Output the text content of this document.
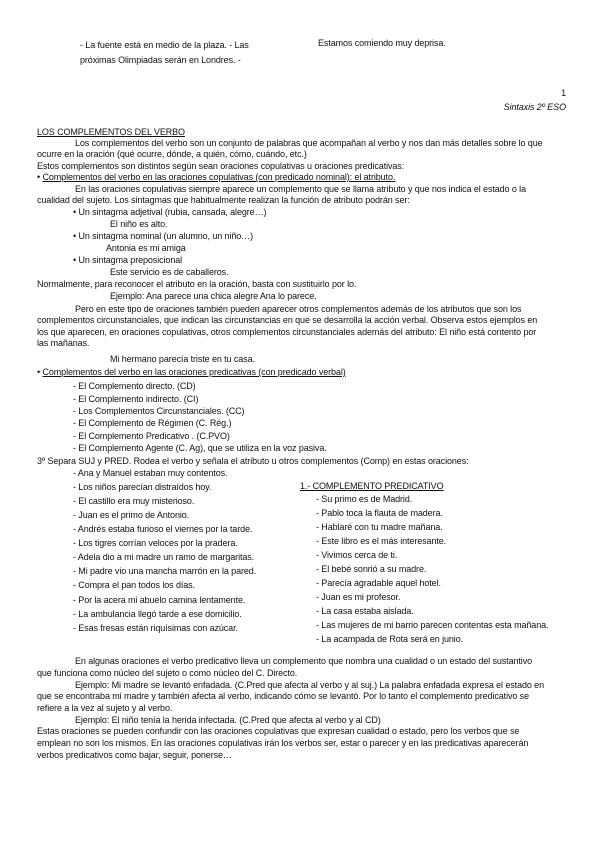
- La fuente está en medio de la plaza. - Las
próximas Olimpiadas serán en Londres. -
Estamos comiendo muy deprisa.
1
Sintaxis 2º ESO
LOS COMPLEMENTOS DEL VERBO
Los complementos del verbo son un conjunto de palabras que acompañan al verbo y nos dan más detalles sobre lo que
ocurre en la oración (qué ocurre, dónde, a quién, cómo, cuándo, etc.)
Estos complementos son distintos según sean oraciones copulativas u oraciones predicativas:
• Complementos del verbo en las oraciones copulativas (con predicado nominal): el atributo.
En las oraciones copulativas siempre aparece un complemento que se llama atributo y que nos indica el estado o la
cualidad del sujeto. Los sintagmas que habitualmente realizan la función de atributo podrán ser:
• Un sintagma adjetival (rubia, cansada, alegre…)
El niño es alto.
• Un sintagma nominal (un alumno, un niño…)
Antonia es mi amiga
• Un sintagma preposicional
Este servicio es de caballeros.
Normalmente, para reconocer el atributo en la oración, basta con sustituirlo por lo.
Ejemplo: Ana parece una chica alegre Ana lo parece.
Pero en este tipo de oraciones también pueden aparecer otros complementos además de los atributos que son los
complementos circunstanciales, que indican las circunstancias en que se desarrolla la acción verbal. Observa estos ejemplos en
los que aparecen, en oraciones copulativas, otros complementos circunstanciales además del atributo: El niño está contento por
las mañanas.
Mi hermano parecía triste en tu casa.
• Complementos del verbo en las oraciones predicativas (con predicado verbal)
- El Complemento directo. (CD)
- El Complemento indirecto. (CI)
- Los Complementos Circunstanciales. (CC)
- El Complemento de Régimen (C. Rég.)
- El Complemento Predicativo . (C.PVO)
- El Complemento Agente (C. Ag), que se utiliza en la voz pasiva.
3º Separa SUJ y PRED. Rodea el verbo y señala el atributo u otros complementos (Comp) en estas oraciones:
- Ana y Manuel estaban muy contentos.
- Los niños parecían distraídos hoy.
- El castillo era muy misterioso.
- Juan es el primo de Antonio.
- Andrés estaba furioso el viernes por la tarde.
- Los tigres corrían veloces por la pradera.
- Adela dio a mi madre un ramo de margaritas.
- Mi padre vio una mancha marrón en la pared.
- Compra el pan todos los días.
- Por la acera mi abuelo camina lentamente.
- La ambulancia llegó tarde a ese domicilio.
- Esas fresas están riquísimas con azúcar.
1.- COMPLEMENTO PREDICATIVO
- Su primo es de Madrid.
- Pablo toca la flauta de madera.
- Hablaré con tu madre mañana.
- Este libro es el más interesante.
- Vivimos cerca de ti.
- El bebé sonrió a su madre.
- Parecía agradable aquel hotel.
- Juan es mi profesor.
- La casa estaba aislada.
- Las mujeres de mi barrio parecen contentas esta mañana.
- La acampada de Rota será en junio.
En algunas oraciones el verbo predicativo lleva un complemento que nombra una cualidad o un estado del sustantivo
que funciona como núcleo del sujeto o como núcleo del C. Directo.
Ejemplo: Mi madre se levantó enfadada. (C.Pred que afecta al verbo y al suj.) La palabra enfadada expresa el estado en
que se encontraba mi madre y también afecta al verbo, indicando cómo se levantó. Por lo tanto el complemento predicativo se
refiere a la vez al sujeto y al verbo.
Ejemplo: El niño tenía la herida infectada. (C.Pred que afecta al verbo y al CD)
Estas oraciones se pueden confundir con las oraciones copulativas que expresan cualidad o estado, pero los verbos que se
emplean no son los mismos. En las oraciones copulativas irán los verbos ser, estar o parecer y en las predicativas aparecerán
verbos predicativos como bajar, seguir, ponerse…
